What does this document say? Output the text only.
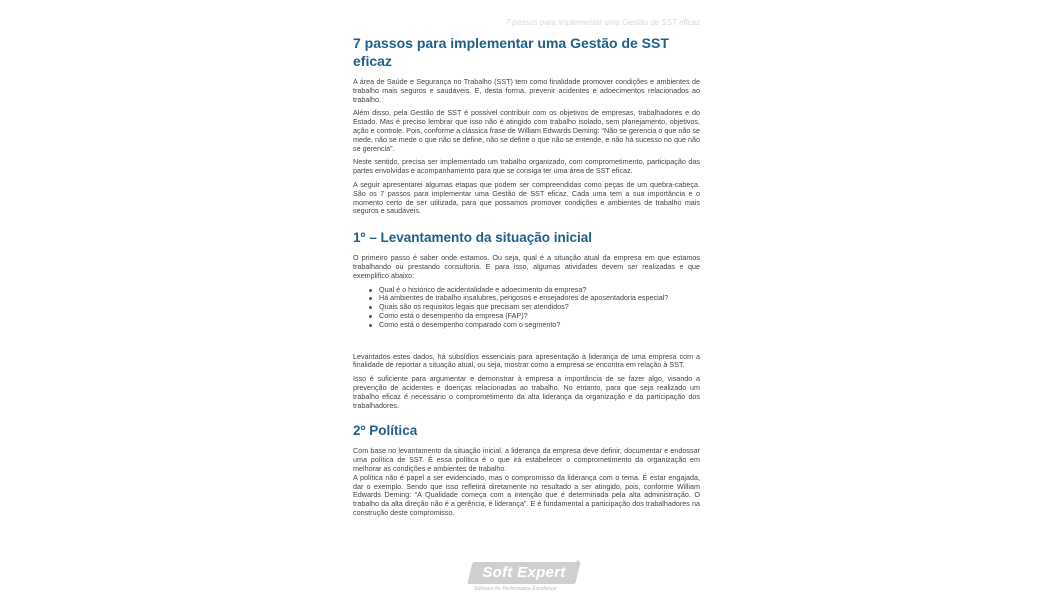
7 passos para implementar uma Gestão de SST eficaz
7 passos para implementar uma Gestão de SST eficaz

A área de Saúde e Segurança no Trabalho (SST) tem como finalidade promover condições e ambientes de trabalho mais seguros e saudáveis. E, desta forma, prevenir acidentes e adoecimentos relacionados ao trabalho.

Além disso, pela Gestão de SST é possível contribuir com os objetivos de empresas, trabalhadores e do Estado. Mas é preciso lembrar que isso não é atingido com trabalho isolado, sem planejamento, objetivos, ação e controle. Pois, conforme a clássica frase de William Edwards Deming: “Não se gerencia o que não se mede, não se mede o que não se define, não se define o que não se entende, e não há sucesso no que não se gerencia”.

Neste sentido, precisa ser implementado um trabalho organizado, com comprometimento, participação das partes envolvidas e acompanhamento para que se consiga ter uma área de SST eficaz.

A seguir apresentarei algumas etapas que podem ser compreendidas como peças de um quebra-cabeça. São os 7 passos para implementar uma Gestão de SST eficaz. Cada uma tem a sua importância e o momento certo de ser utilizada, para que possamos promover condições e ambientes de trabalho mais seguros e saudáveis.

1º – Levantamento da situação inicial

O primeiro passo é saber onde estamos. Ou seja, qual é a situação atual da empresa em que estamos trabalhando ou prestando consultoria. E para isso, algumas atividades devem ser realizadas e que exemplifico abaixo:

Qual é o histórico de acidentalidade e adoecimento da empresa?
Há ambientes de trabalho insalubres, perigosos e ensejadores de aposentadoria especial?
Quais são os requisitos legais que precisam ser atendidos?
Como está o desempenho da empresa (FAP)?
Como está o desempenho comparado com o segmento?

Levantados estes dados, há subsídios essenciais para apresentação à liderança de uma empresa com a finalidade de reportar a situação atual, ou seja, mostrar como a empresa se encontra em relação à SST.

Isso é suficiente para argumentar e demonstrar à empresa a importância de se fazer algo, visando a prevenção de acidentes e doenças relacionadas ao trabalho. No entanto, para que seja realizado um trabalho eficaz é necessário o comprometimento da alta liderança da organização e da participação dos trabalhadores.

2º Política

Com base no levantamento da situação inicial, a liderança da empresa deve definir, documentar e endossar uma política de SST. É essa política é o que irá estabelecer o comprometimento da organização em melhorar as condições e ambientes de trabalho.

A política não é papel a ser evidenciado, mas o compromisso da liderança com o tema. É estar engajada, dar o exemplo. Sendo que isso refletirá diretamente no resultado a ser atingido, pois, conforme William Edwards Deming: “A Qualidade começa com a intenção que é determinada pela alta administração. O trabalho da alta direção não é a gerência, é liderança”. E é fundamental a participação dos trabalhadores na construção deste compromisso.

Soft Expert
®
Software for Performance Excellence
